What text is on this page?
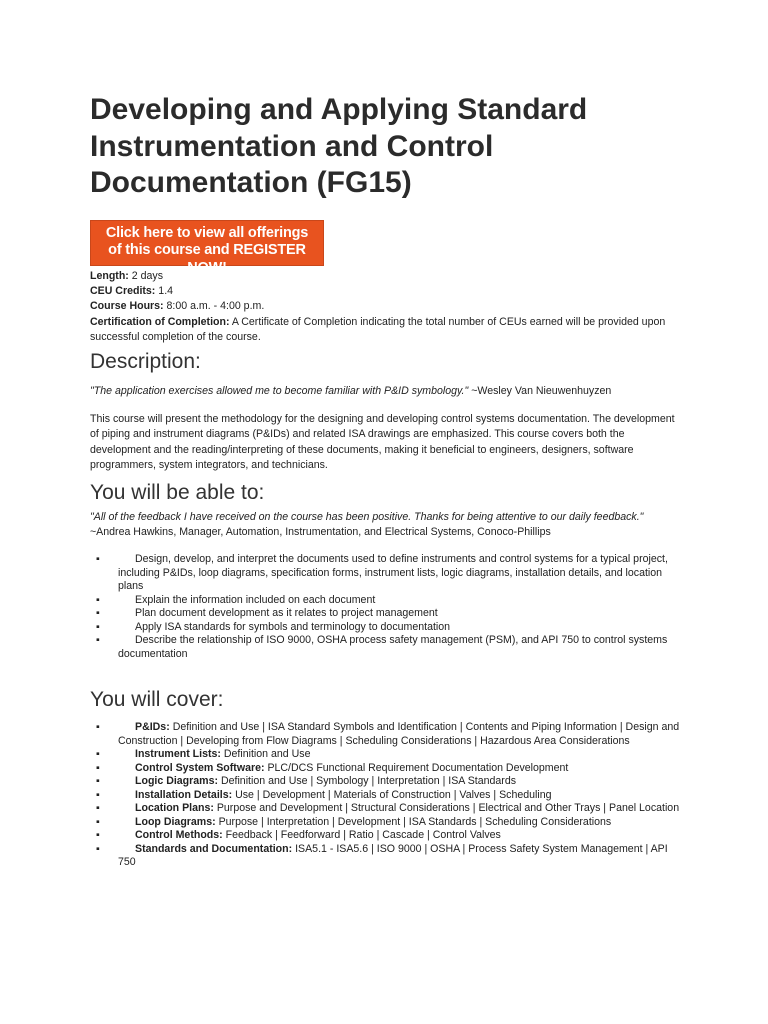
Developing and Applying Standard Instrumentation and Control Documentation (FG15)
Click here to view all offerings
of this course and REGISTER NOW!
Length: 2 days
CEU Credits: 1.4
Course Hours: 8:00 a.m. - 4:00 p.m.
Certification of Completion: A Certificate of Completion indicating the total number of CEUs earned will be provided upon successful completion of the course.
Description:

"The application exercises allowed me to become familiar with P&ID symbology." ~Wesley Van Nieuwenhuyzen

This course will present the methodology for the designing and developing control systems documentation. The development of piping and instrument diagrams (P&IDs) and related ISA drawings are emphasized. This course covers both the development and the reading/interpreting of these documents, making it beneficial to engineers, designers, software programmers, system integrators, and technicians.

You will be able to:

"All of the feedback I have received on the course has been positive. Thanks for being attentive to our daily feedback." ~Andrea Hawkins, Manager, Automation, Instrumentation, and Electrical Systems, Conoco-Phillips

▪	Design, develop, and interpret the documents used to define instruments and control systems for a typical project, including P&IDs, loop diagrams, specification forms, instrument lists, logic diagrams, installation details, and location plans
▪	Explain the information included on each document
▪	Plan document development as it relates to project management
▪	Apply ISA standards for symbols and terminology to documentation
▪	Describe the relationship of ISO 9000, OSHA process safety management (PSM), and API 750 to control systems documentation
You will cover:
▪	P&IDs: Definition and Use | ISA Standard Symbols and Identification | Contents and Piping Information | Design and Construction | Developing from Flow Diagrams | Scheduling Considerations | Hazardous Area Considerations
▪	Instrument Lists: Definition and Use
▪	Control System Software: PLC/DCS Functional Requirement Documentation Development
▪	Logic Diagrams: Definition and Use | Symbology | Interpretation | ISA Standards
▪	Installation Details: Use | Development | Materials of Construction | Valves | Scheduling
▪	Location Plans: Purpose and Development | Structural Considerations | Electrical and Other Trays | Panel Location
▪	Loop Diagrams: Purpose | Interpretation | Development | ISA Standards | Scheduling Considerations
▪	Control Methods: Feedback | Feedforward | Ratio | Cascade | Control Valves
▪	Standards and Documentation: ISA5.1 - ISA5.6 | ISO 9000 | OSHA | Process Safety System Management | API 750
